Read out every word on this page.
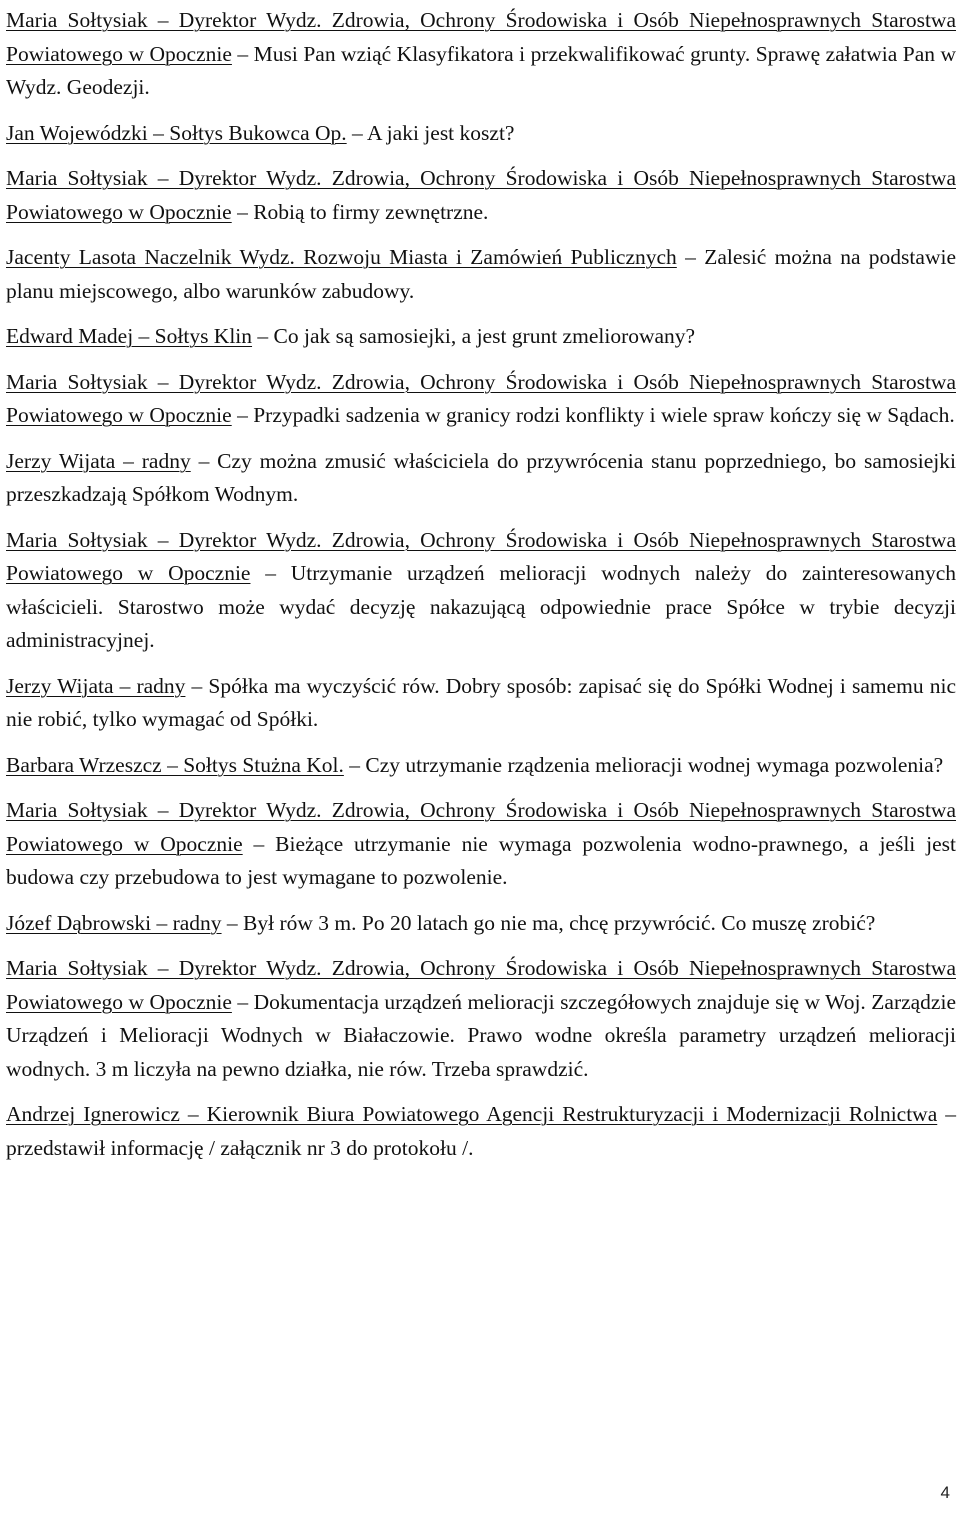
Maria Sołtysiak – Dyrektor Wydz. Zdrowia, Ochrony Środowiska i Osób Niepełnosprawnych Starostwa Powiatowego w Opocznie – Musi Pan wziąć Klasyfikatora i przekwalifikować grunty. Sprawę załatwia Pan w Wydz. Geodezji.

Jan Wojewódzki – Sołtys Bukowca Op. – A jaki jest koszt?

Maria Sołtysiak – Dyrektor Wydz. Zdrowia, Ochrony Środowiska i Osób Niepełnosprawnych Starostwa Powiatowego w Opocznie – Robią to firmy zewnętrzne.

Jacenty Lasota Naczelnik Wydz. Rozwoju Miasta i Zamówień Publicznych – Zalesić można na podstawie planu miejscowego, albo warunków zabudowy.

Edward Madej – Sołtys Klin – Co jak są samosiejki, a jest grunt zmeliorowany?

Maria Sołtysiak – Dyrektor Wydz. Zdrowia, Ochrony Środowiska i Osób Niepełnosprawnych Starostwa Powiatowego w Opocznie – Przypadki sadzenia w granicy rodzi konflikty i wiele spraw kończy się w Sądach.

Jerzy Wijata – radny – Czy można zmusić właściciela do przywrócenia stanu poprzedniego, bo samosiejki przeszkadzają Spółkom Wodnym.

Maria Sołtysiak – Dyrektor Wydz. Zdrowia, Ochrony Środowiska i Osób Niepełnosprawnych Starostwa Powiatowego w Opocznie – Utrzymanie urządzeń melioracji wodnych należy do zainteresowanych właścicieli. Starostwo może wydać decyzję nakazującą odpowiednie prace Spółce w trybie decyzji administracyjnej.

Jerzy Wijata – radny – Spółka ma wyczyścić rów. Dobry sposób: zapisać się do Spółki Wodnej i samemu nic nie robić, tylko wymagać od Spółki.

Barbara Wrzeszcz – Sołtys Stużna Kol. – Czy utrzymanie rządzenia melioracji wodnej wymaga pozwolenia?

Maria Sołtysiak – Dyrektor Wydz. Zdrowia, Ochrony Środowiska i Osób Niepełnosprawnych Starostwa Powiatowego w Opocznie – Bieżące utrzymanie nie wymaga pozwolenia wodno-prawnego, a jeśli jest budowa czy przebudowa to jest wymagane to pozwolenie.

Józef Dąbrowski – radny – Był rów 3 m. Po 20 latach go nie ma, chcę przywrócić. Co muszę zrobić?

Maria Sołtysiak – Dyrektor Wydz. Zdrowia, Ochrony Środowiska i Osób Niepełnosprawnych Starostwa Powiatowego w Opocznie – Dokumentacja urządzeń melioracji szczegółowych znajduje się w Woj. Zarządzie Urządzeń i Melioracji Wodnych w Białaczowie. Prawo wodne określa parametry urządzeń melioracji wodnych. 3 m liczyła na pewno działka, nie rów. Trzeba sprawdzić.

Andrzej Ignerowicz – Kierownik Biura Powiatowego Agencji Restrukturyzacji i Modernizacji Rolnictwa – przedstawił informację / załącznik nr 3 do protokołu /.

4
